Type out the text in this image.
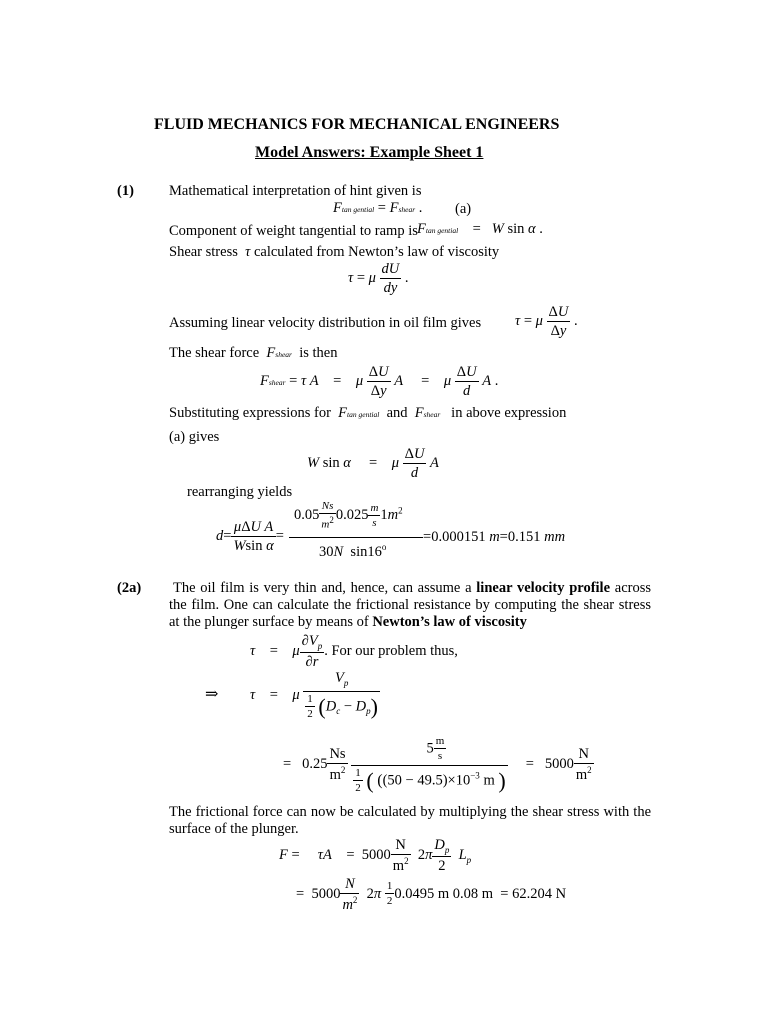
FLUID MECHANICS FOR MECHANICAL ENGINEERS
Model Answers: Example Sheet 1
(1) Mathematical interpretation of hint given is
Ftan gential = Fshear . (a)
Component of weight tangential to ramp is Ftan gential    =   W sin α .
Shear stress τ calculated from Newton’s law of viscosity
τ = μ $\frac{dU}{dy}$ .
Assuming linear velocity distribution in oil film gives τ = μ $\frac{\Delta U}{\Delta y}$ .
The shear force Fshear is then
Fshear = τ A    =    μ $\frac{\Delta U}{\Delta y}$ A     =    μ $\frac{\Delta U}{d}$ A .
Substituting expressions for Ftan gential and Fshear in above expression
(a) gives
W sin α     =    μ $\frac{\Delta U}{d}$ A
rearranging yields
$d= \frac{\text{μΔU A}}{\text{Wsin α}}$ =
$0.05 \frac{Ns}{m^2} 0.025 \frac{m}{s} 1m^2$
30N  $\sin 16^o$
=0.000151 m=0.151 mm
(2a) The oil film is very thin and, hence, can assume a linear velocity profile across the film. One can calculate the frictional resistance by computing the shear stress at the plunger surface by means of Newton’s law of viscosity
τ    =    μ $\frac{\partial V_p}{\partial r}$ . For our problem thus,
⇒ τ    =    μ $\frac{V_p}{\frac{1}{2} (D_c - D_p)}$
=   $0.25 \frac{Ns}{m^2}$
$\frac{5 \frac{m}{s}}{\frac{1}{2} ( ((50 - 49.5)\times 10^{-3} m )} = 5000 \frac{N}{m^2}$
The frictional force can now be calculated by multiplying the shear stress with the surface of the plunger.
F =     τA    =  $5000 \frac{N}{m^2} 2\pi \frac{D_p}{2} L_p$
=  $5000 \frac{N}{m^2} 2\pi \frac{1}{2} 0.0495$ m 0.08 m  = 62.204 N
